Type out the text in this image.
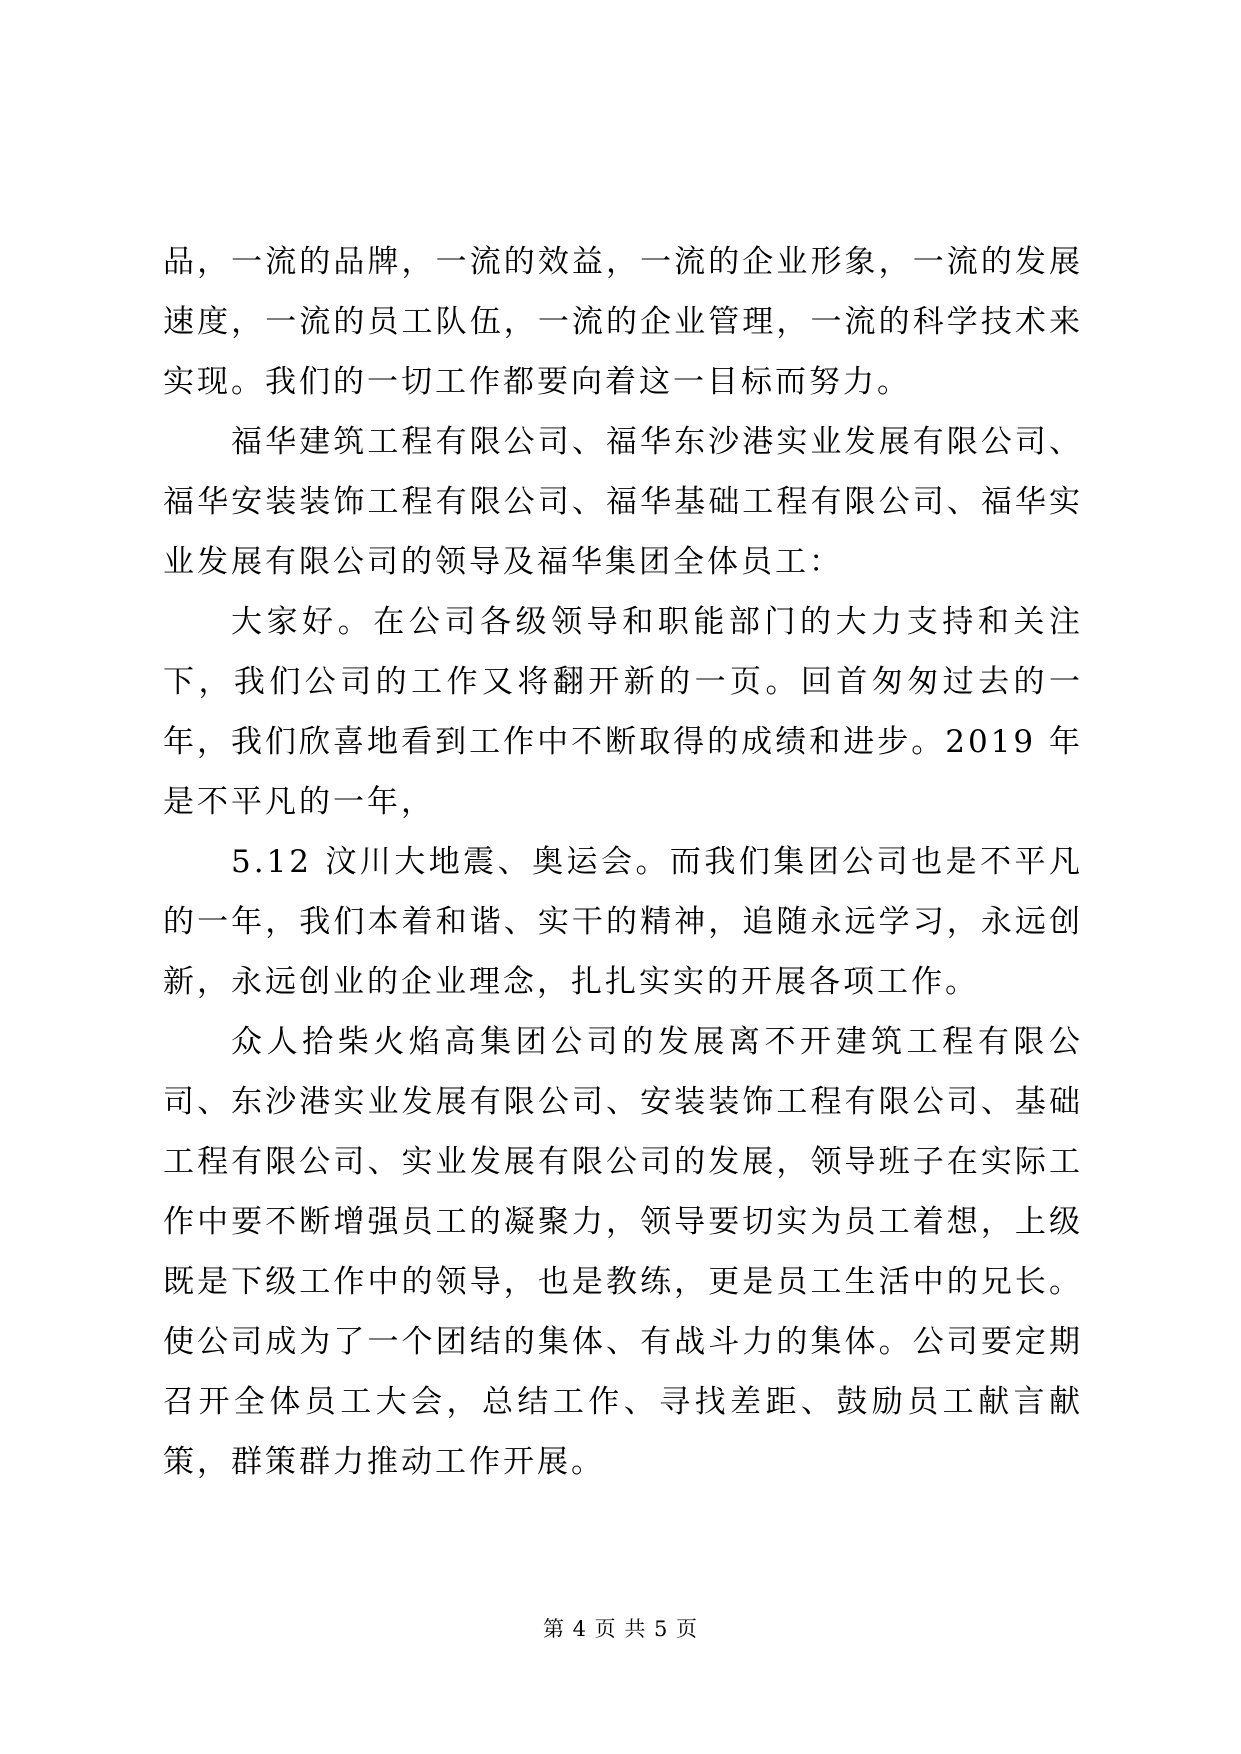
品，一流的品牌，一流的效益，一流的企业形象，一流的发展速度，一流的员工队伍，一流的企业管理，一流的科学技术来实现。我们的一切工作都要向着这一目标而努力。

福华建筑工程有限公司、福华东沙港实业发展有限公司、福华安装装饰工程有限公司、福华基础工程有限公司、福华实业发展有限公司的领导及福华集团全体员工：

大家好。在公司各级领导和职能部门的大力支持和关注下，我们公司的工作又将翻开新的一页。回首匆匆过去的一年，我们欣喜地看到工作中不断取得的成绩和进步。2019 年是不平凡的一年，

5.12 汶川大地震、奥运会。而我们集团公司也是不平凡的一年，我们本着和谐、实干的精神，追随永远学习，永远创新，永远创业的企业理念，扎扎实实的开展各项工作。

众人拾柴火焰高集团公司的发展离不开建筑工程有限公司、东沙港实业发展有限公司、安装装饰工程有限公司、基础工程有限公司、实业发展有限公司的发展，领导班子在实际工作中要不断增强员工的凝聚力，领导要切实为员工着想，上级既是下级工作中的领导，也是教练，更是员工生活中的兄长。使公司成为了一个团结的集体、有战斗力的集体。公司要定期召开全体员工大会，总结工作、寻找差距、鼓励员工献言献策，群策群力推动工作开展。

第 4 页 共 5 页
